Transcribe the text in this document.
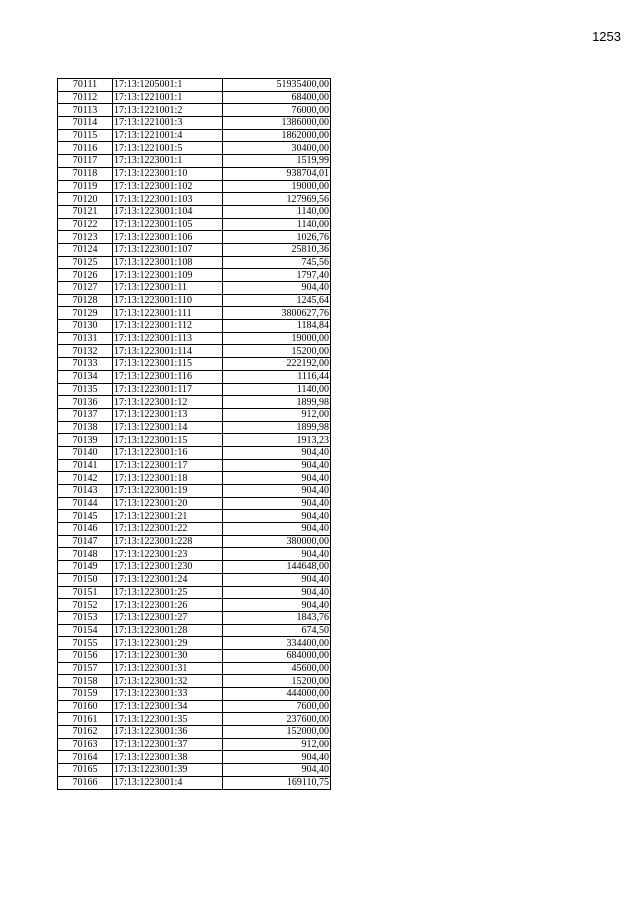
1253
70111	17:13:1205001:1	51935400,00
70112	17:13:1221001:1	68400,00
70113	17:13:1221001:2	76000,00
70114	17:13:1221001:3	1386000,00
70115	17:13:1221001:4	1862000,00
70116	17:13:1221001:5	30400,00
70117	17:13:1223001:1	1519,99
70118	17:13:1223001:10	938704,01
70119	17:13:1223001:102	19000,00
70120	17:13:1223001:103	127969,56
70121	17:13:1223001:104	1140,00
70122	17:13:1223001:105	1140,00
70123	17:13:1223001:106	1026,76
70124	17:13:1223001:107	25810,36
70125	17:13:1223001:108	745,56
70126	17:13:1223001:109	1797,40
70127	17:13:1223001:11	904,40
70128	17:13:1223001:110	1245,64
70129	17:13:1223001:111	3800627,76
70130	17:13:1223001:112	1184,84
70131	17:13:1223001:113	19000,00
70132	17:13:1223001:114	15200,00
70133	17:13:1223001:115	222192,00
70134	17:13:1223001:116	1116,44
70135	17:13:1223001:117	1140,00
70136	17:13:1223001:12	1899,98
70137	17:13:1223001:13	912,00
70138	17:13:1223001:14	1899,98
70139	17:13:1223001:15	1913,23
70140	17:13:1223001:16	904,40
70141	17:13:1223001:17	904,40
70142	17:13:1223001:18	904,40
70143	17:13:1223001:19	904,40
70144	17:13:1223001:20	904,40
70145	17:13:1223001:21	904,40
70146	17:13:1223001:22	904,40
70147	17:13:1223001:228	380000,00
70148	17:13:1223001:23	904,40
70149	17:13:1223001:230	144648,00
70150	17:13:1223001:24	904,40
70151	17:13:1223001:25	904,40
70152	17:13:1223001:26	904,40
70153	17:13:1223001:27	1843,76
70154	17:13:1223001:28	674,50
70155	17:13:1223001:29	334400,00
70156	17:13:1223001:30	684000,00
70157	17:13:1223001:31	45600,00
70158	17:13:1223001:32	15200,00
70159	17:13:1223001:33	444000,00
70160	17:13:1223001:34	7600,00
70161	17:13:1223001:35	237600,00
70162	17:13:1223001:36	152000,00
70163	17:13:1223001:37	912,00
70164	17:13:1223001:38	904,40
70165	17:13:1223001:39	904,40
70166	17:13:1223001:4	169110,75
